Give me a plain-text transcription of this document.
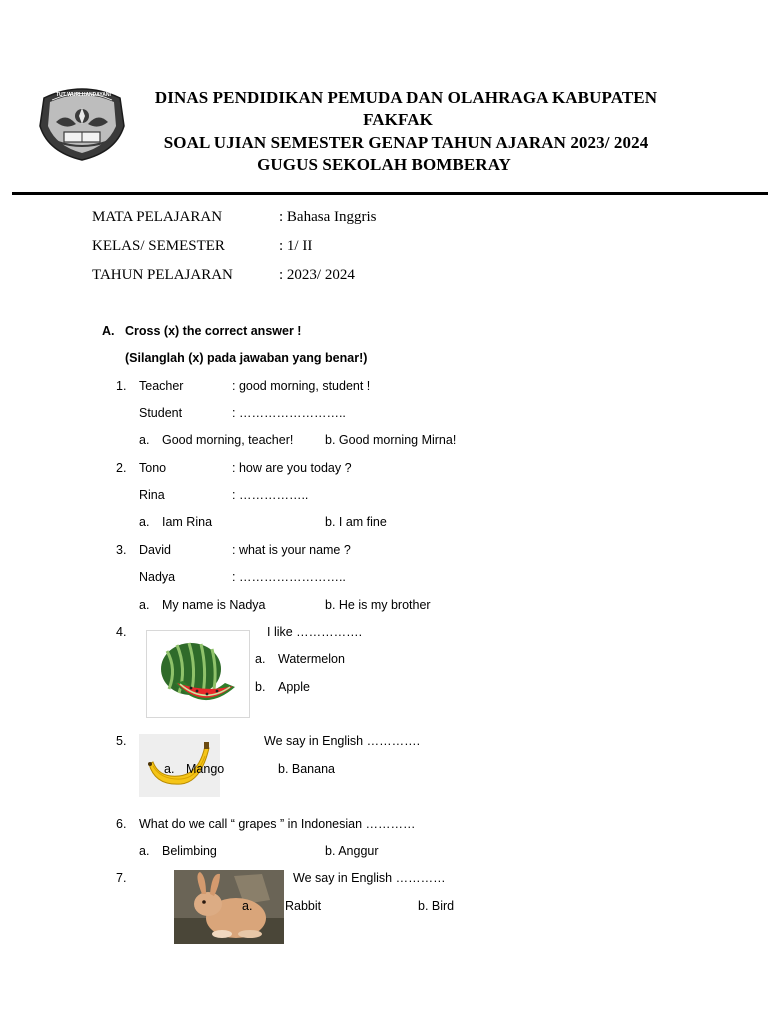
TUT WURI HANDAYANI	DINAS PENDIDIKAN PEMUDA DAN OLAHRAGA KABUPATEN
FAKFAK
SOAL UJIAN SEMESTER GENAP TAHUN AJARAN 2023/ 2024
GUGUS SEKOLAH BOMBERAY
MATA PELAJARAN	: Bahasa Inggris
KELAS/ SEMESTER	: 1/ II
TAHUN PELAJARAN	: 2023/ 2024
A. Cross (x) the correct answer !
(Silanglah (x) pada jawaban yang benar!)
1. Teacher	: good morning, student !
Student	: ……………………..
a. Good morning, teacher!	b. Good morning Mirna!
2. Tono	: how are you today ?
Rina	: ……………..
a. Iam Rina	b. I am fine
3. David	: what is your name ?
Nadya	: ……………………..
a. My name is Nadya	b. He is my brother
4.	I like …………….
a. Watermelon
b. Apple
5.	We say in English ………….
a. Mango	b. Banana
6. What do we call “ grapes ” in Indonesian …………
a. Belimbing	b. Anggur
7.	We say in English …………
a.	Rabbit	b. Bird
